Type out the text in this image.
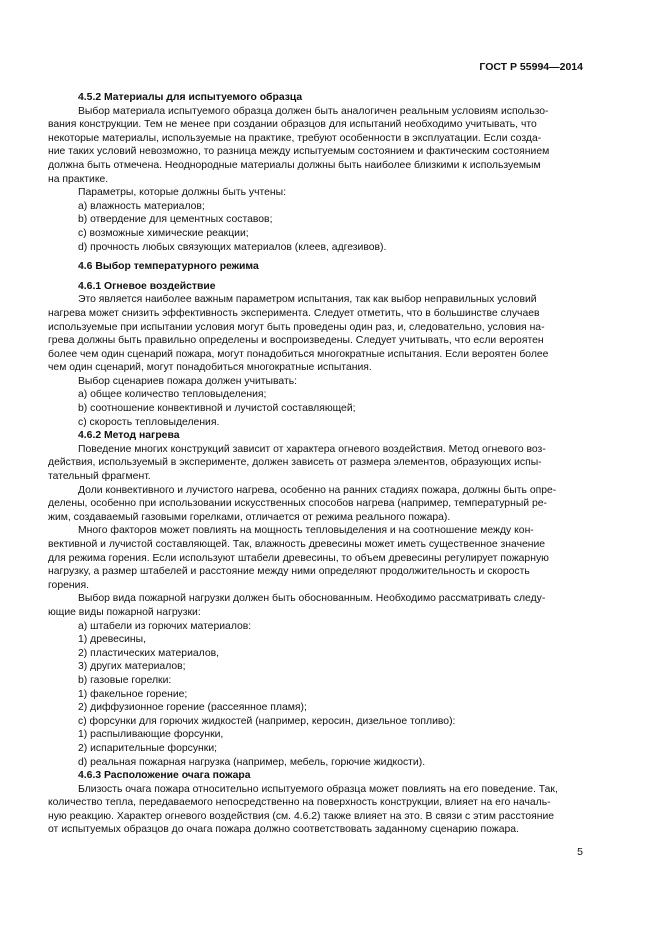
ГОСТ Р 55994—2014

4.5.2 Материалы для испытуемого образца

Выбор материала испытуемого образца должен быть аналогичен реальным условиям использо-

вания конструкции. Тем не менее при создании образцов для испытаний необходимо учитывать, что

некоторые материалы, используемые на практике, требуют особенности в эксплуатации. Если созда-

ние таких условий невозможно, то разница между испытуемым состоянием и фактическим состоянием

должна быть отмечена. Неоднородные материалы должны быть наиболее близкими к используемым

на практике.

Параметры, которые должны быть учтены:

a) влажность материалов;

b) отвердение для цементных составов;

c) возможные химические реакции;

d) прочность любых связующих материалов (клеев, адгезивов).

4.6 Выбор температурного режима

4.6.1 Огневое воздействие

Это является наиболее важным параметром испытания, так как выбор неправильных условий

нагрева может снизить эффективность эксперимента. Следует отметить, что в большинстве случаев

используемые при испытании условия могут быть проведены один раз, и, следовательно, условия на-

грева должны быть правильно определены и воспроизведены. Следует учитывать, что если вероятен

более чем один сценарий пожара, могут понадобиться многократные испытания. Если вероятен более

чем один сценарий, могут понадобиться многократные испытания.

Выбор сценариев пожара должен учитывать:

a) общее количество тепловыделения;

b) соотношение конвективной и лучистой составляющей;

c) скорость тепловыделения.

4.6.2 Метод нагрева

Поведение многих конструкций зависит от характера огневого воздействия. Метод огневого воз-

действия, используемый в эксперименте, должен зависеть от размера элементов, образующих испы-

тательный фрагмент.

Доли конвективного и лучистого нагрева, особенно на ранних стадиях пожара, должны быть опре-

делены, особенно при использовании искусственных способов нагрева (например, температурный ре-

жим, создаваемый газовыми горелками, отличается от режима реального пожара).

Много факторов может повлиять на мощность тепловыделения и на соотношение между кон-

вективной и лучистой составляющей. Так, влажность древесины может иметь существенное значение

для режима горения. Если используют штабели древесины, то объем древесины регулирует пожарную

нагрузку, а размер штабелей и расстояние между ними определяют продолжительность и скорость

горения.

Выбор вида пожарной нагрузки должен быть обоснованным. Необходимо рассматривать следу-

ющие виды пожарной нагрузки:

a) штабели из горючих материалов:

1) древесины,

2) пластических материалов,

3) других материалов;

b) газовые горелки:

1) факельное горение;

2) диффузионное горение (рассеянное пламя);

c) форсунки для горючих жидкостей (например, керосин, дизельное топливо):

1) распыливающие форсунки,

2) испарительные форсунки;

d) реальная пожарная нагрузка (например, мебель, горючие жидкости).

4.6.3 Расположение очага пожара

Близость очага пожара относительно испытуемого образца может повлиять на его поведение. Так,

количество тепла, передаваемого непосредственно на поверхность конструкции, влияет на его началь-

ную реакцию. Характер огневого воздействия (см. 4.6.2) также влияет на это. В связи с этим расстояние

от испытуемых образцов до очага пожара должно соответствовать заданному сценарию пожара.

5
